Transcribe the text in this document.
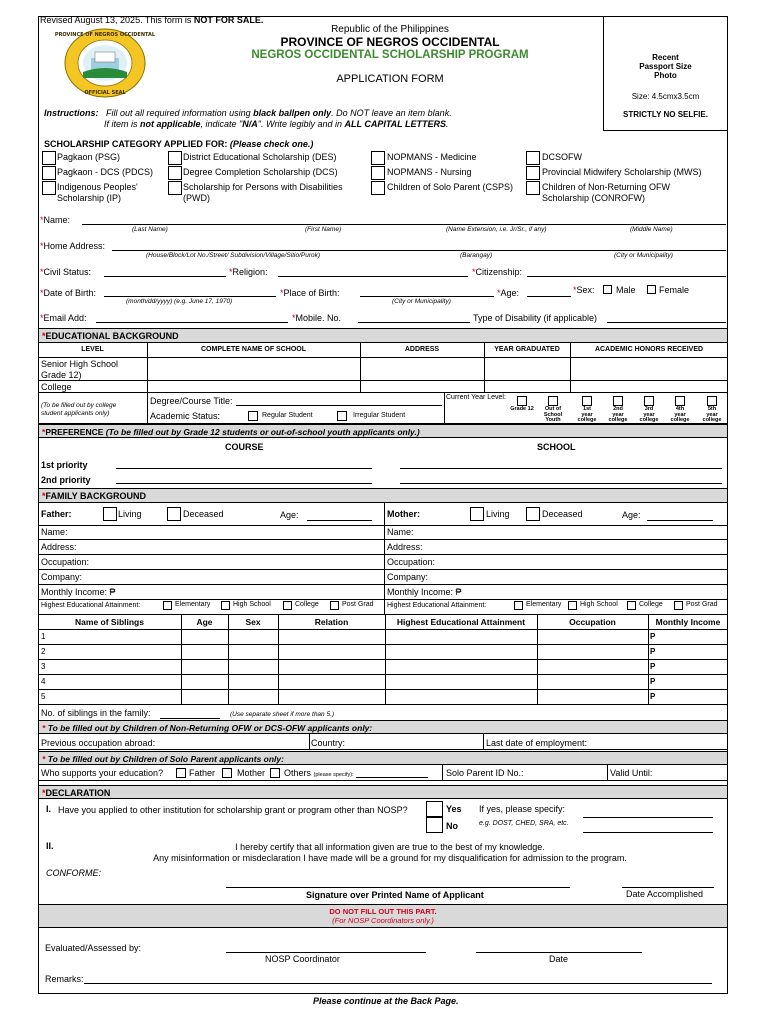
Revised August 13, 2025. This form is NOT FOR SALE.
PROVINCE OF NEGROS OCCIDENTAL
OFFICIAL SEAL
Republic of the Philippines
PROVINCE OF NEGROS OCCIDENTAL
NEGROS OCCIDENTAL SCHOLARSHIP PROGRAM
APPLICATION FORM
Recent
Passport Size
Photo
Size: 4.5cmx3.5cm
STRICTLY NO SELFIE.
Instructions: Fill out all required information using black ballpen only. Do NOT leave an item blank.
If item is not applicable, indicate "N/A". Write legibly and in ALL CAPITAL LETTERS.
SCHOLARSHIP CATEGORY APPLIED FOR: (Please check one.)
Pagkaon (PSG)
Pagkaon - DCS (PDCS)
Indigenous Peoples'
Scholarship (IP)
District Educational Scholarship (DES)
Degree Completion Scholarship (DCS)
Scholarship for Persons with Disabilities
(PWD)
NOPMANS - Medicine
NOPMANS - Nursing
Children of Solo Parent (CSPS)
DCSOFW
Provincial Midwifery Scholarship (MWS)
Children of Non-Returning OFW
Scholarship (CONROFW)
*Name:
(Last Name)	(First Name)	(Name Extension, i.e. Jr/Sr., if any)	(Middle Name)
*Home Address:
(House/Block/Lot No./Street/ Subdivision/Village/Sitio/Purok)	(Barangay)	(City or Municipality)
*Civil Status:	*Religion:	*Citizenship:
*Date of Birth:
(month/dd/yyyy) (e.g. June 17, 1970)
*Place of Birth:
(City or Municipality)
*Age:	*Sex: Male	Female
*Email Add:	*Mobile. No.	Type of Disability (if applicable)
*EDUCATIONAL BACKGROUND
LEVEL	COMPLETE NAME OF SCHOOL	ADDRESS	YEAR GRADUATED	ACADEMIC HONORS RECEIVED
Senior High School
Grade 12)
College
(To be filled out by college
student applicants only)
Degree/Course Title:
Academic Status:	Regular Student	Irregular Student
Current Year Level:
Grade 12	Out of School
Youth
1st
year
college
2nd
year
college
3rd
year
college
4th
year
college
5th
year
college
*PREFERENCE (To be filled out by Grade 12 students or out-of-school youth applicants only.)
COURSE	SCHOOL
1st priority
2nd priority
*FAMILY BACKGROUND
Father:	Living	Deceased	Age:	Mother:	Living	Deceased	Age:
Name:	Name:
Address:	Address:
Occupation:	Occupation:
Company:	Company:
Monthly Income: ₱	Monthly Income: ₱
Highest Educational Attainment:	Elementary	High School	College	Post Grad Highest Educational Attainment:	Elementary	High School	College	Post Grad
Name of Siblings	Age	Sex	Relation	Highest Educational Attainment	Occupation	Monthly Income
1	P
2	P
3	P
4	P
5	P
No. of siblings in the family:	(Use separate sheet if more than 5.)
* To be filled out by Children of Non-Returning OFW or DCS-OFW applicants only:
Previous occupation abroad:	Country:	Last date of employment:
* To be filled out by Children of Solo Parent applicants only:
Who supports your education?	Father Mother Others (please specify):	Solo Parent ID No.:	Valid Until:
*DECLARATION
I. Have you applied to other institution for scholarship grant or program other than NOSP?	Yes
No
If yes, please specify:
e.g. DOST, CHED, SRA, etc.
II.	I hereby certify that all information given are true to the best of my knowledge.
Any misinformation or misdeclaration I have made will be a ground for my disqualification for admission to the program.
CONFORME:
Signature over Printed Name of Applicant	Date Accomplished
DO NOT FILL OUT THIS PART.
(For NOSP Coordinators only.)
Evaluated/Assessed by:
NOSP Coordinator	Date
Remarks:
Please continue at the Back Page.
